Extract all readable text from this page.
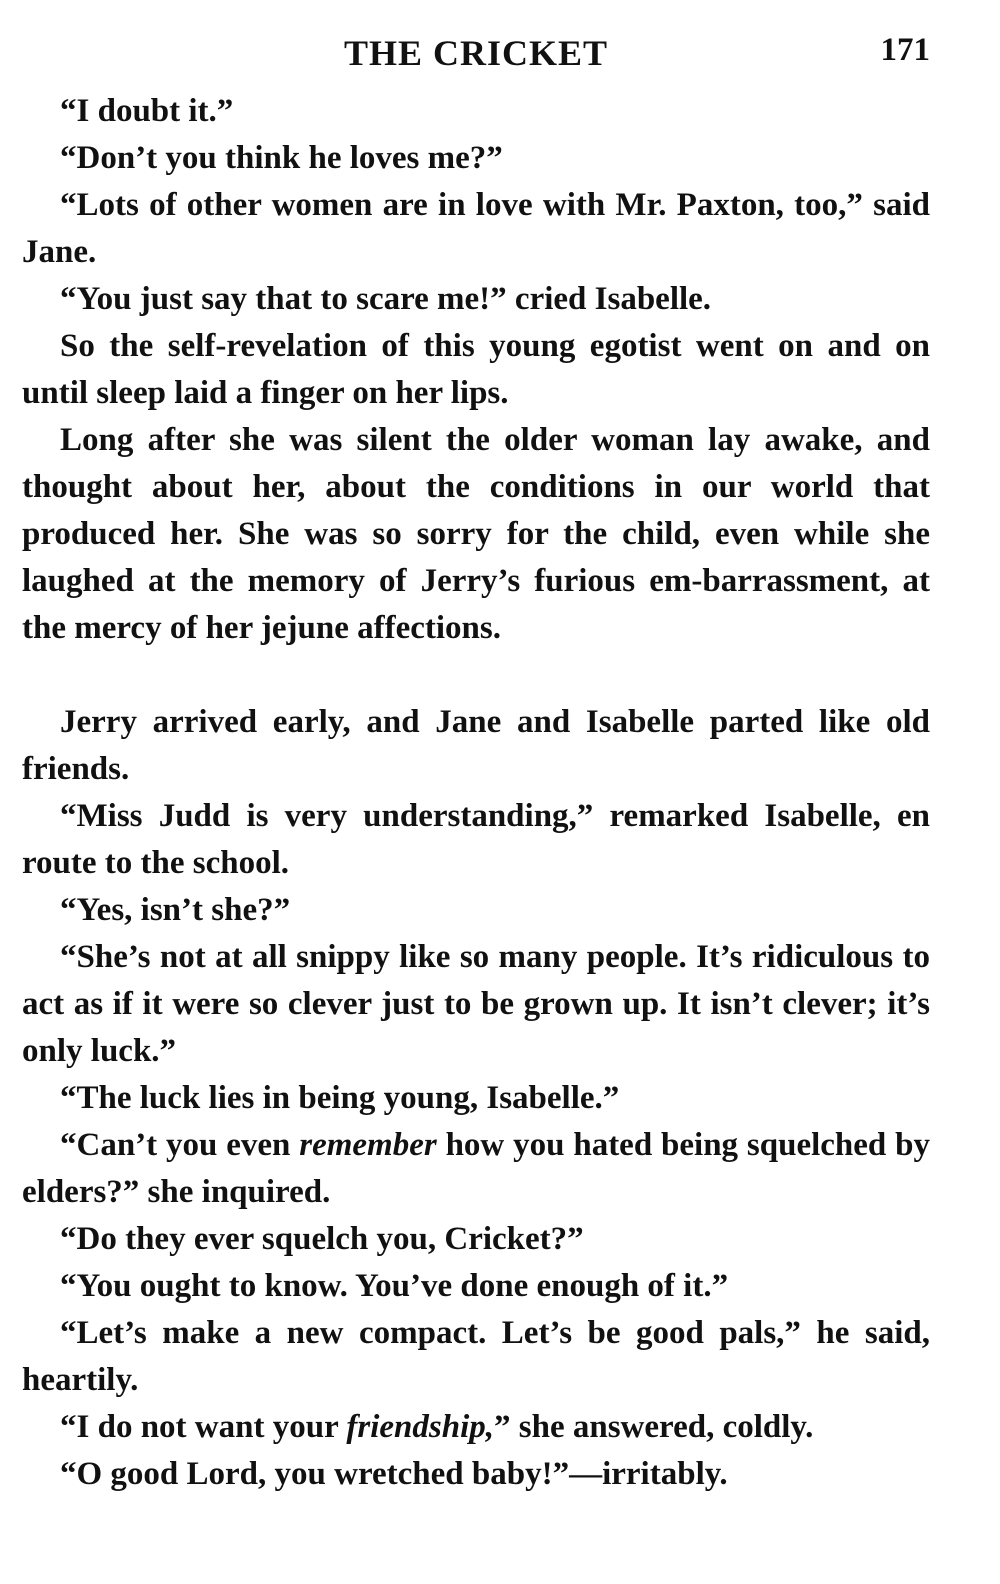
THE CRICKET	171

“I doubt it.”

“Don’t you think he loves me?”

“Lots of other women are in love with Mr. Paxton, too,” said Jane.

“You just say that to scare me!” cried Isabelle.

So the self-revelation of this young egotist went on and on until sleep laid a finger on her lips.

Long after she was silent the older woman lay awake, and thought about her, about the conditions in our world that produced her. She was so sorry for the child, even while she laughed at the memory of Jerry’s furious em-barrassment, at the mercy of her jejune affections.

Jerry arrived early, and Jane and Isabelle parted like old friends.

“Miss Judd is very understanding,” remarked Isabelle, en route to the school.

“Yes, isn’t she?”

“She’s not at all snippy like so many people. It’s ridiculous to act as if it were so clever just to be grown up. It isn’t clever; it’s only luck.”

“The luck lies in being young, Isabelle.”

“Can’t you even remember how you hated being squelched by elders?” she inquired.

“Do they ever squelch you, Cricket?”

“You ought to know. You’ve done enough of it.”

“Let’s make a new compact. Let’s be good pals,” he said, heartily.

“I do not want your friendship,” she answered, coldly.

“O good Lord, you wretched baby!”—irritably.
